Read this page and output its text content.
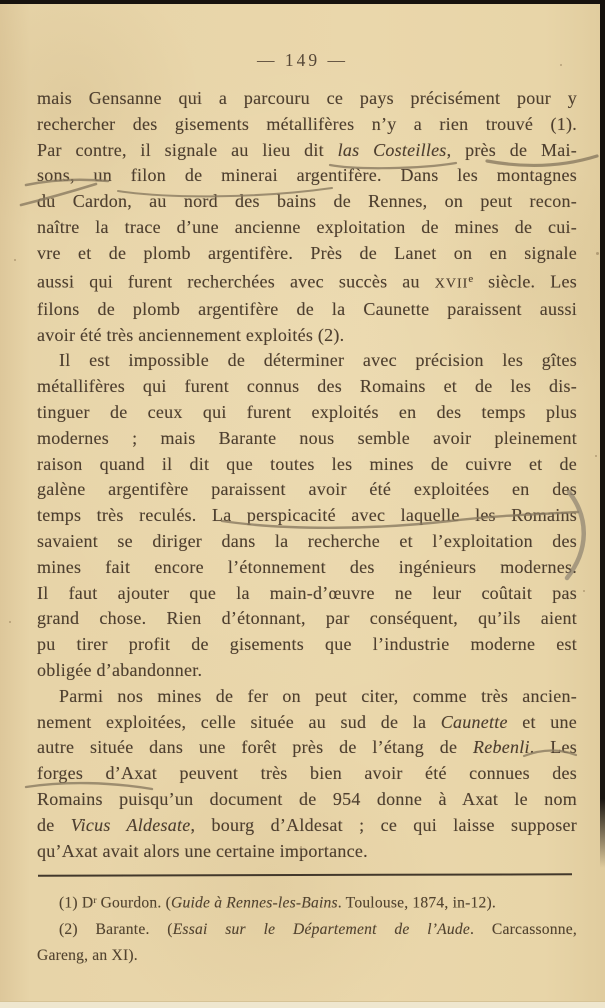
— 149 —
mais Gensanne qui a parcouru ce pays précisément pour y
rechercher des gisements métallifères n’y a rien trouvé (1).
Par contre, il signale au lieu dit las Costeilles, près de Mai-
sons, un filon de minerai argentifère. Dans les montagnes
du Cardon, au nord des bains de Rennes, on peut recon-
naître la trace d’une ancienne exploitation de mines de cui-
vre et de plomb argentifère. Près de Lanet on en signale
aussi qui furent recherchées avec succès au XVIIe siècle. Les
filons de plomb argentifère de la Caunette paraissent aussi
avoir été très anciennement exploités (2).
Il est impossible de déterminer avec précision les gîtes
métallifères qui furent connus des Romains et de les dis-
tinguer de ceux qui furent exploités en des temps plus
modernes ; mais Barante nous semble avoir pleinement
raison quand il dit que toutes les mines de cuivre et de
galène argentifère paraissent avoir été exploitées en des
temps très reculés. La perspicacité avec laquelle les Romains
savaient se diriger dans la recherche et l’exploitation des
mines fait encore l’étonnement des ingénieurs modernes.
Il faut ajouter que la main-d’œuvre ne leur coûtait pas
grand chose. Rien d’étonnant, par conséquent, qu’ils aient
pu tirer profit de gisements que l’industrie moderne est
obligée d’abandonner.
Parmi nos mines de fer on peut citer, comme très ancien-
nement exploitées, celle située au sud de la Caunette et une
autre située dans une forêt près de l’étang de Rebenli. Les
forges d’Axat peuvent très bien avoir été connues des
Romains puisqu’un document de 954 donne à Axat le nom
de Vicus Aldesate, bourg d’Aldesat ; ce qui laisse supposer
qu’Axat avait alors une certaine importance.
(1) $D^r$ Gourdon. (Guide à Rennes-les-Bains. Toulouse, 1874, in-12).
(2) Barante. (Essai sur le Département de l’Aude. Carcassonne,
Gareng, an XI).
